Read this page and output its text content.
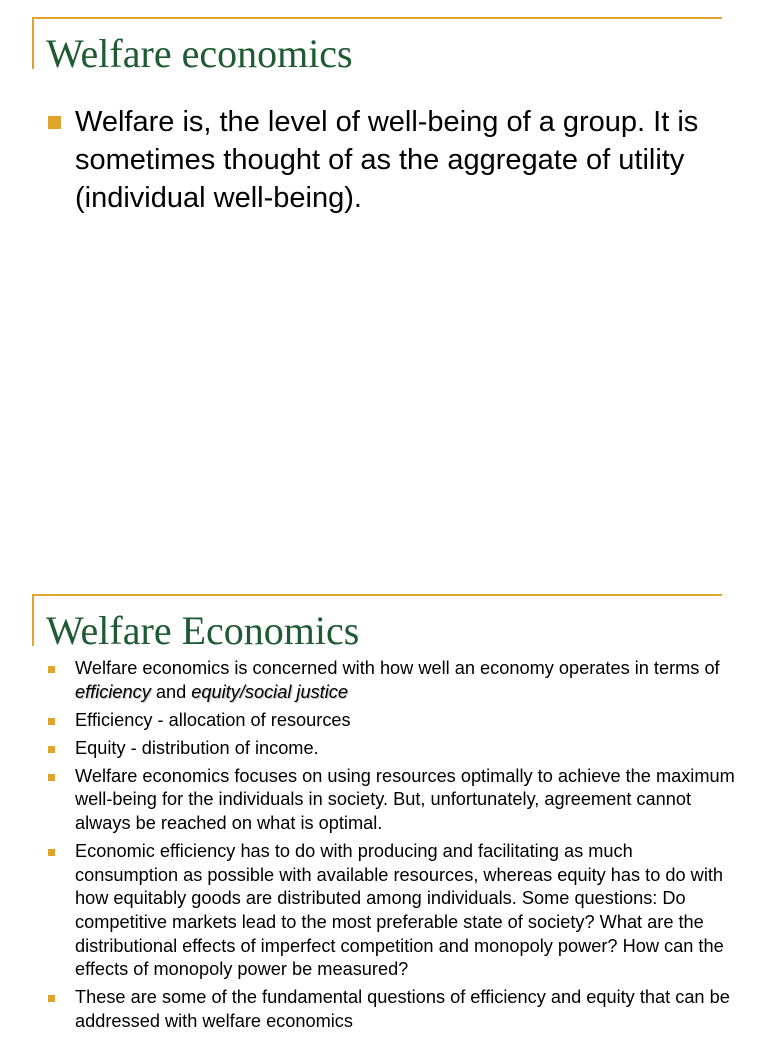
Welfare economics
Welfare is, the level of well-being of a group. It is sometimes thought of as the aggregate of utility (individual well-being).
Welfare Economics
Welfare economics is concerned with how well an economy operates in terms of efficiency and equity/social justice
Efficiency - allocation of resources
Equity - distribution of income.
Welfare economics focuses on using resources optimally to achieve the maximum well-being for the individuals in society. But, unfortunately, agreement cannot always be reached on what is optimal.
Economic efficiency has to do with producing and facilitating as much consumption as possible with available resources, whereas equity has to do with how equitably goods are distributed among individuals. Some questions: Do competitive markets lead to the most preferable state of society? What are the distributional effects of imperfect competition and monopoly power? How can the effects of monopoly power be measured?
These are some of the fundamental questions of efficiency and equity that can be addressed with welfare economics
